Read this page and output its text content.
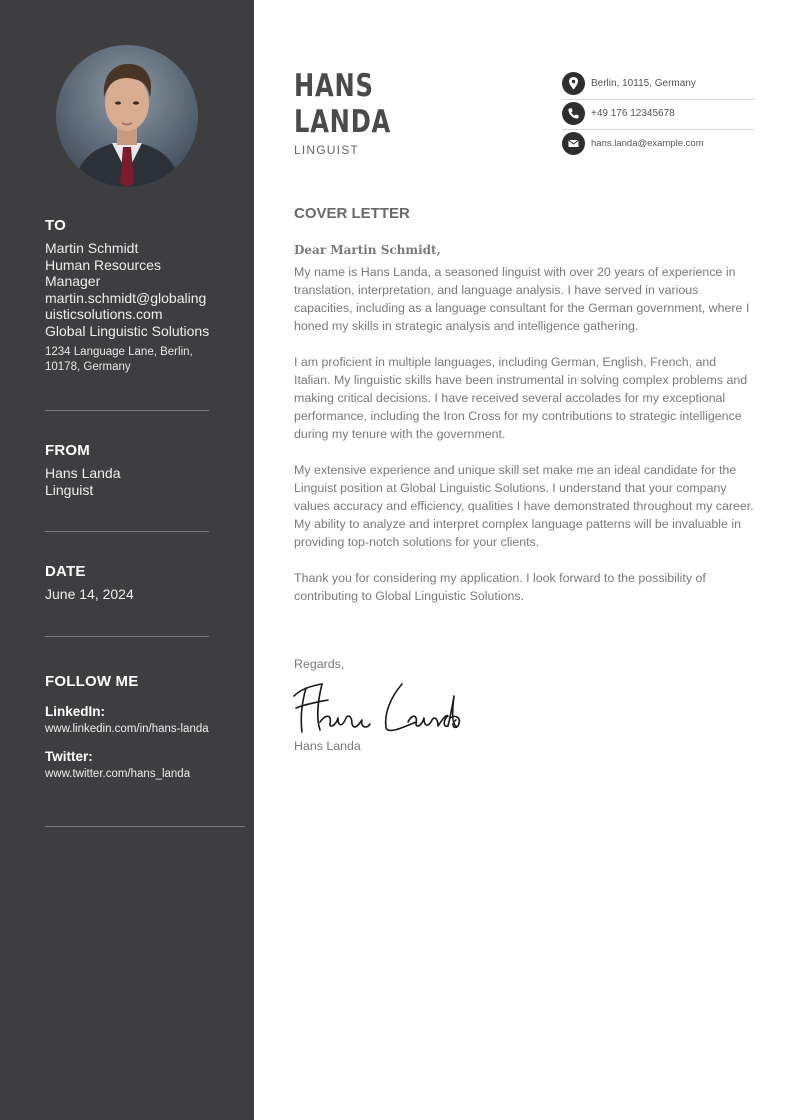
TO
Martin Schmidt
Human Resources
Manager
martin.schmidt@globaling
uisticsolutions.com
Global Linguistic Solutions
1234 Language Lane, Berlin,
10178, Germany
FROM
Hans Landa
Linguist
DATE
June 14, 2024
FOLLOW ME
LinkedIn:
www.linkedin.com/in/hans-landa
Twitter:
www.twitter.com/hans_landa
HANS
LANDA
LINGUIST
Berlin, 10115, Germany
+49 176 12345678
hans.landa@example.com
COVER LETTER
Dear Martin Schmidt,

My name is Hans Landa, a seasoned linguist with over 20 years of experience in translation, interpretation, and language analysis. I have served in various capacities, including as a language consultant for the German government, where I honed my skills in strategic analysis and intelligence gathering.

I am proficient in multiple languages, including German, English, French, and Italian. My linguistic skills have been instrumental in solving complex problems and making critical decisions. I have received several accolades for my exceptional performance, including the Iron Cross for my contributions to strategic intelligence during my tenure with the government.

My extensive experience and unique skill set make me an ideal candidate for the Linguist position at Global Linguistic Solutions. I understand that your company values accuracy and efficiency, qualities I have demonstrated throughout my career. My ability to analyze and interpret complex language patterns will be invaluable in providing top-notch solutions for your clients.

Thank you for considering my application. I look forward to the possibility of contributing to Global Linguistic Solutions.

Regards,
Hans Landa
